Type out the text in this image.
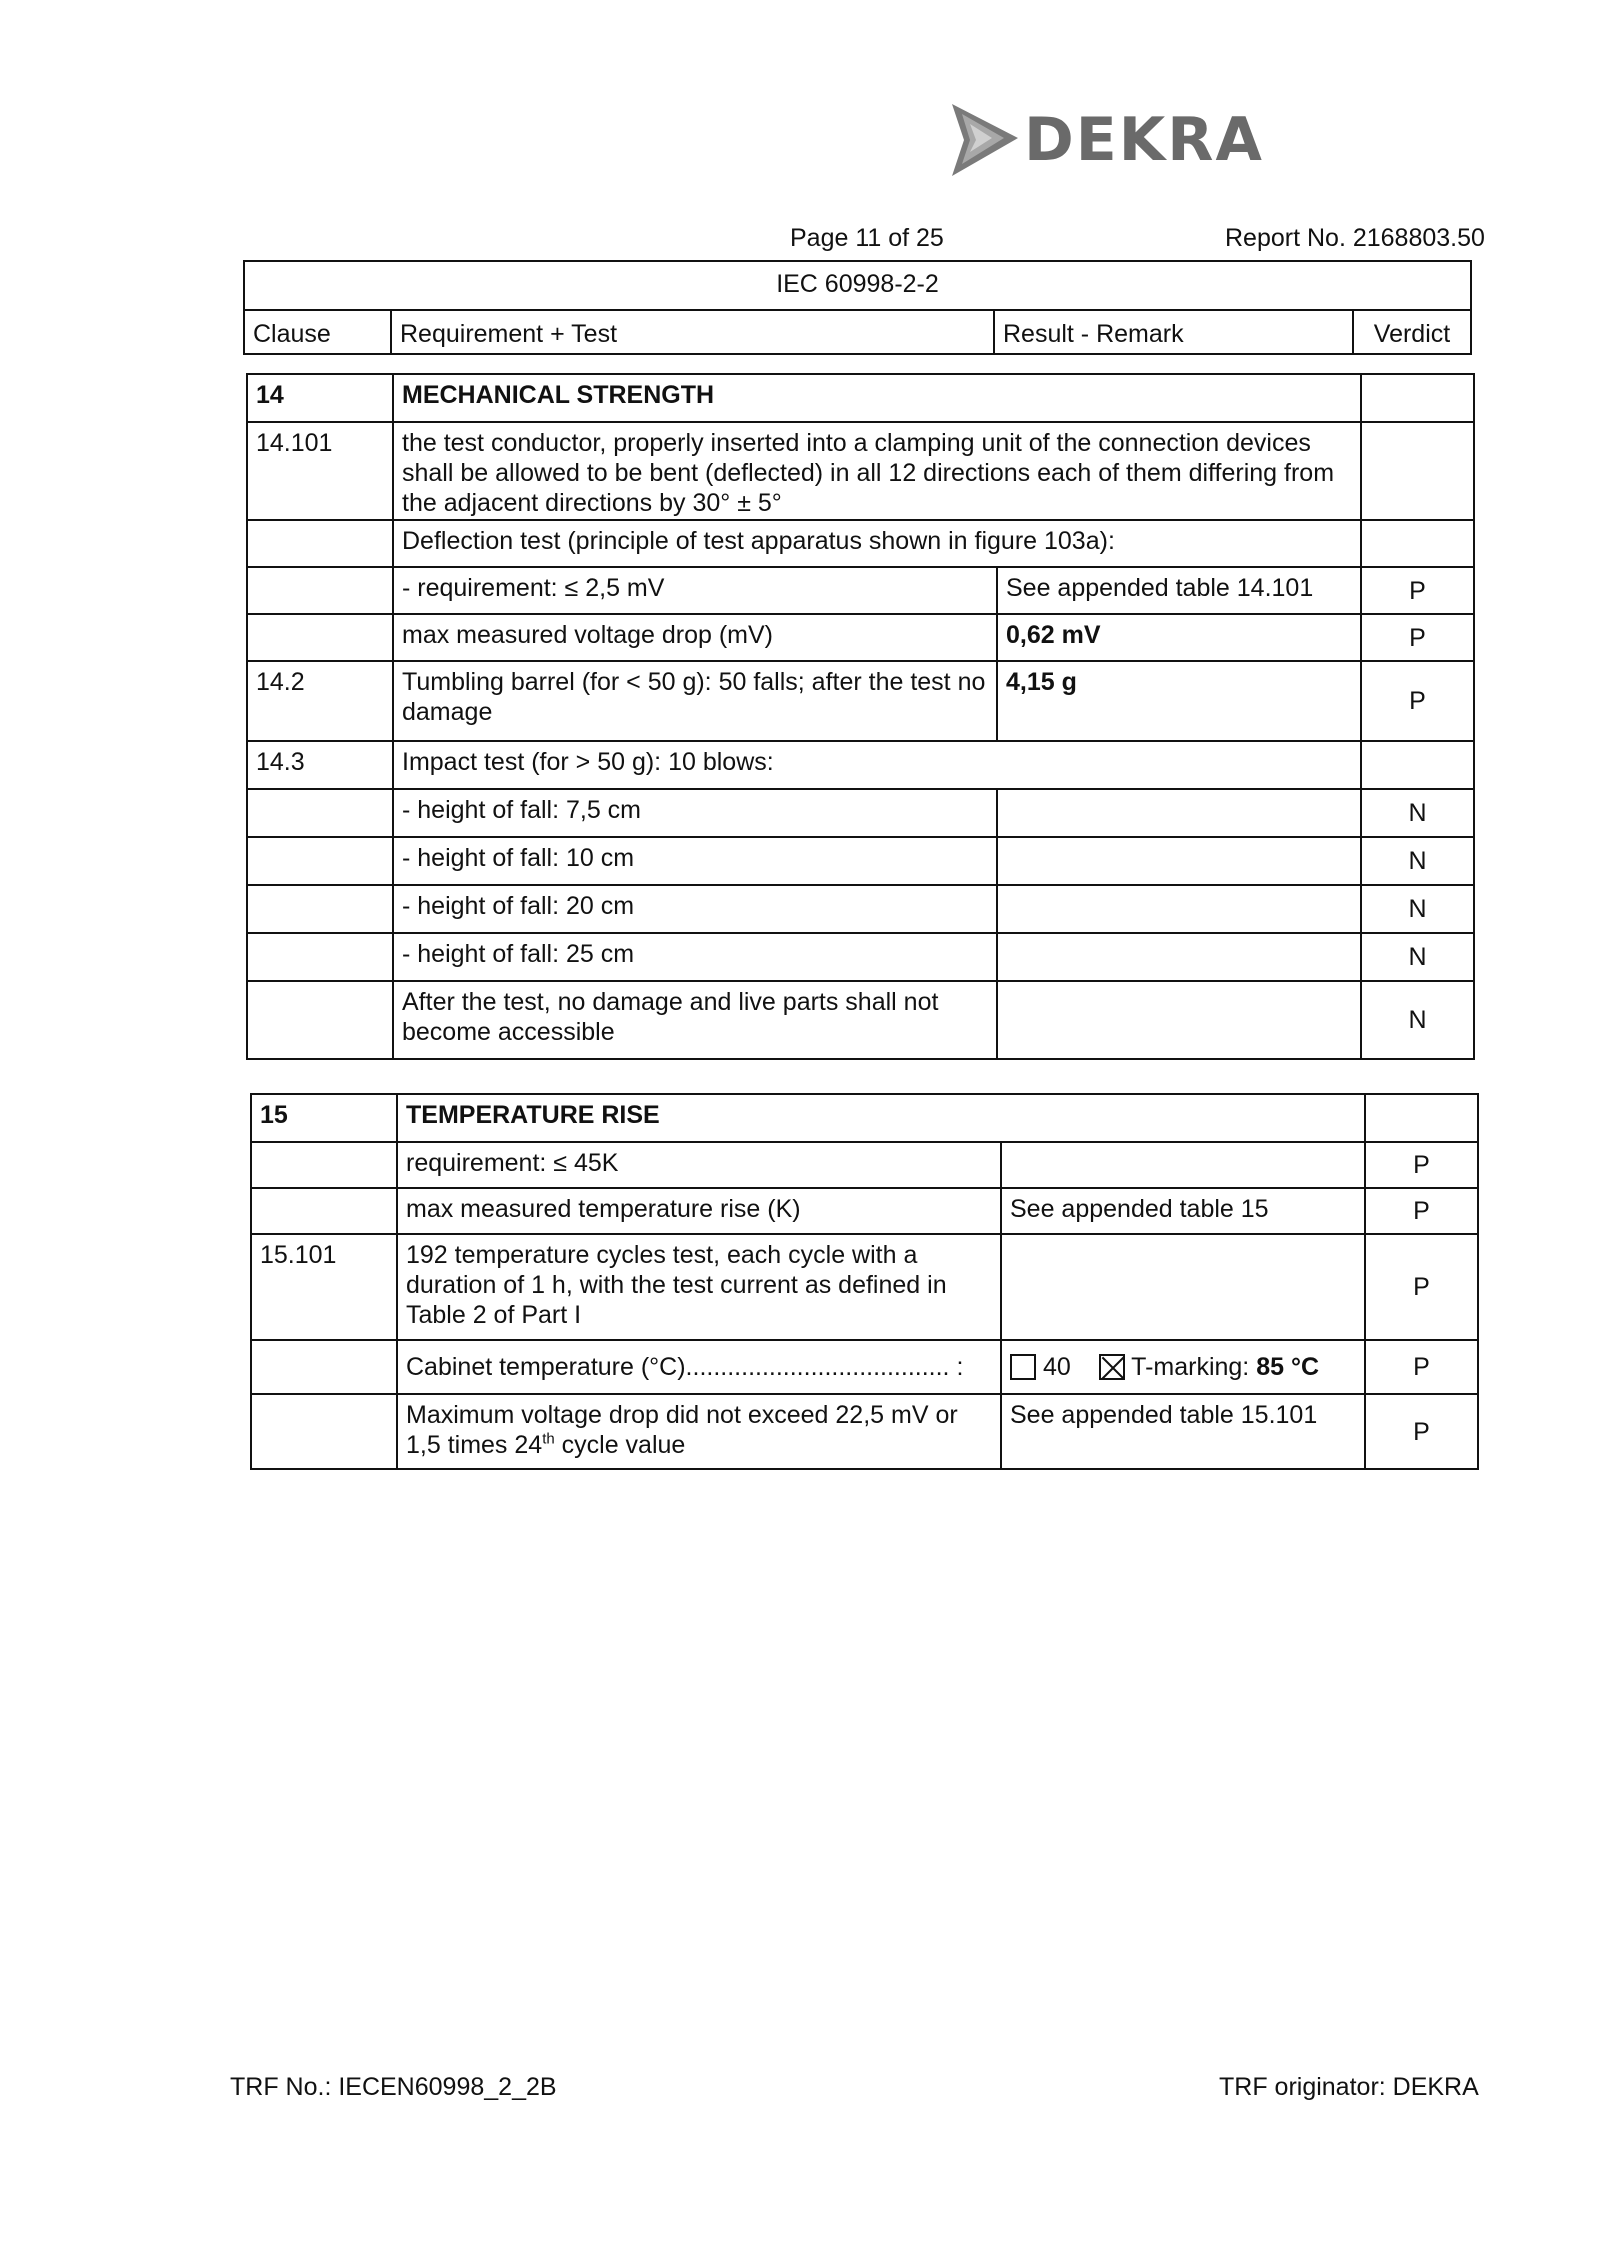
DEKRA
Page 11 of 25	Report No. 2168803.50
IEC 60998-2-2
Clause	Requirement + Test	Result - Remark	Verdict
14	MECHANICAL STRENGTH		
14.101	the test conductor, properly inserted into a clamping unit of the connection devices shall be allowed to be bent (deflected) in all 12 directions each of them differing from the adjacent directions by 30° ± 5°		
	Deflection test (principle of test apparatus shown in figure 103a):		
	- requirement: ≤ 2,5 mV	See appended table 14.101	P
	max measured voltage drop (mV)	0,62 mV	P
14.2	Tumbling barrel (for < 50 g): 50 falls; after the test no damage	4,15 g	P
14.3	Impact test (for > 50 g): 10 blows:		
	- height of fall: 7,5 cm		N
	- height of fall: 10 cm		N
	- height of fall: 20 cm		N
	- height of fall: 25 cm		N
	After the test, no damage and live parts shall not become accessible		N
15	TEMPERATURE RISE		
	requirement: ≤ 45K		P
	max measured temperature rise (K)	See appended table 15	P
15.101	192 temperature cycles test, each cycle with a duration of 1 h, with the test current as defined in Table 2 of Part I		P
	Cabinet temperature (°C)...................................... :	40 T-marking: 85 °C	P
	Maximum voltage drop did not exceed 22,5 mV or 1,5 times 24th cycle value	See appended table 15.101	P
TRF No.: IECEN60998_2_2B	TRF originator: DEKRA
